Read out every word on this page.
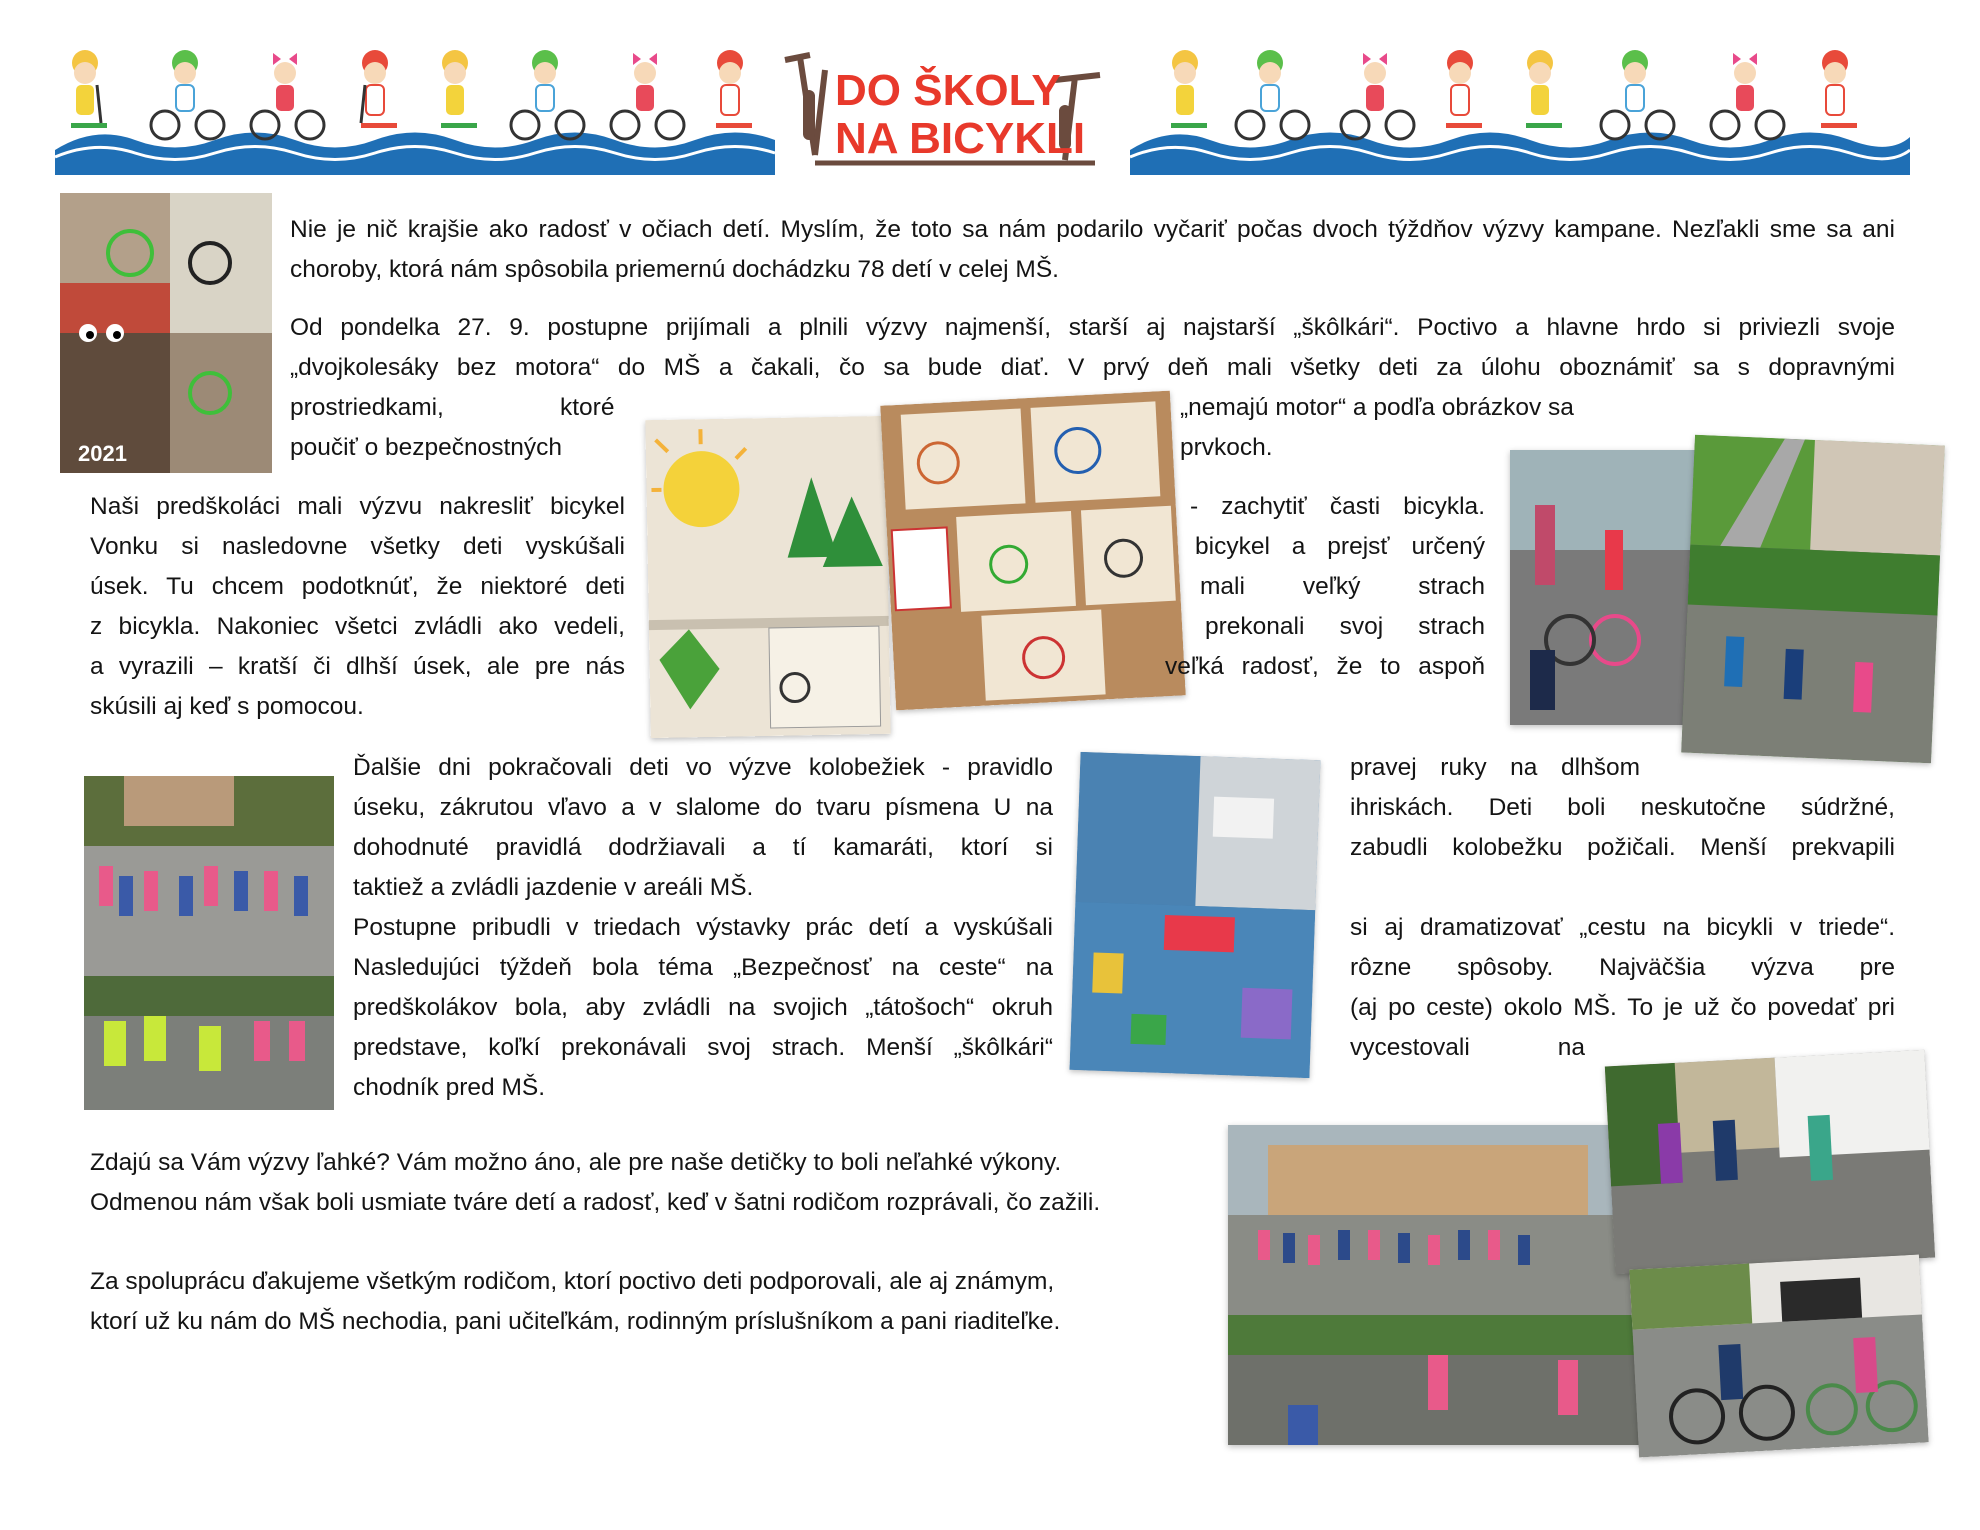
DO ŠKOLY
NA BICYKLI
2021

Nie je nič krajšie ako radosť v očiach detí. Myslím, že toto sa nám podarilo vyčariť počas dvoch týždňov výzvy kampane. Nezľakli sme sa ani choroby, ktorá nám spôsobila priemernú dochádzku 78 detí v celej MŠ.

Od pondelka 27. 9. postupne prijímali a plnili výzvy najmenší, starší aj najstarší „škôlkári“. Poctivo a hlavne hrdo si priviezli svoje
„dvojkolesáky bez motora“ do MŠ a čakali, čo sa bude diať. V prvý deň mali všetky deti za úlohu oboznámiť sa s dopravnými
prostriedkami,	ktoré	„nemajú motor“ a podľa obrázkov sa
poučiť o bezpečnostných	prvkoch.
Naši predškoláci mali výzvu nakresliť bicykel
Vonku si nasledovne všetky deti vyskúšali
úsek. Tu chcem podotknúť, že niektoré deti
z bicykla. Nakoniec všetci zvládli ako vedeli,
a vyrazili – kratší či dlhší úsek, ale pre nás
skúsili aj keď s pomocou.
- zachytiť časti bicykla.
bicykel a prejsť určený
mali veľký strach
prekonali svoj strach
veľká radosť, že to aspoň
Ďalšie dni pokračovali deti vo výzve kolobežiek - pravidlo
úseku, zákrutou vľavo a v slalome do tvaru písmena U na
dohodnuté pravidlá dodržiavali a tí kamaráti, ktorí si
taktiež a zvládli jazdenie v areáli MŠ.
Postupne pribudli v triedach výstavky prác detí a vyskúšali
Nasledujúci týždeň bola téma „Bezpečnosť na ceste“ na
predškolákov bola, aby zvládli na svojich „tátošoch“ okruh
predstave, koľkí prekonávali svoj strach. Menší „škôlkári“
chodník pred MŠ.
pravej ruky na dlhšom
ihriskách. Deti boli neskutočne súdržné,
zabudli kolobežku požičali. Menší prekvapili
si aj dramatizovať „cestu na bicykli v triede“.
rôzne spôsoby. Najväčšia výzva pre
(aj po ceste) okolo MŠ. To je už čo povedať pri
vycestovali na
Zdajú sa Vám výzvy ľahké? Vám možno áno, ale pre naše detičky to boli neľahké výkony.
Odmenou nám však boli usmiate tváre detí a radosť, keď v šatni rodičom rozprávali, čo zažili.
Za spoluprácu ďakujeme všetkým rodičom, ktorí poctivo deti podporovali, ale aj známym,
ktorí už ku nám do MŠ nechodia, pani učiteľkám, rodinným príslušníkom a pani riaditeľke.
